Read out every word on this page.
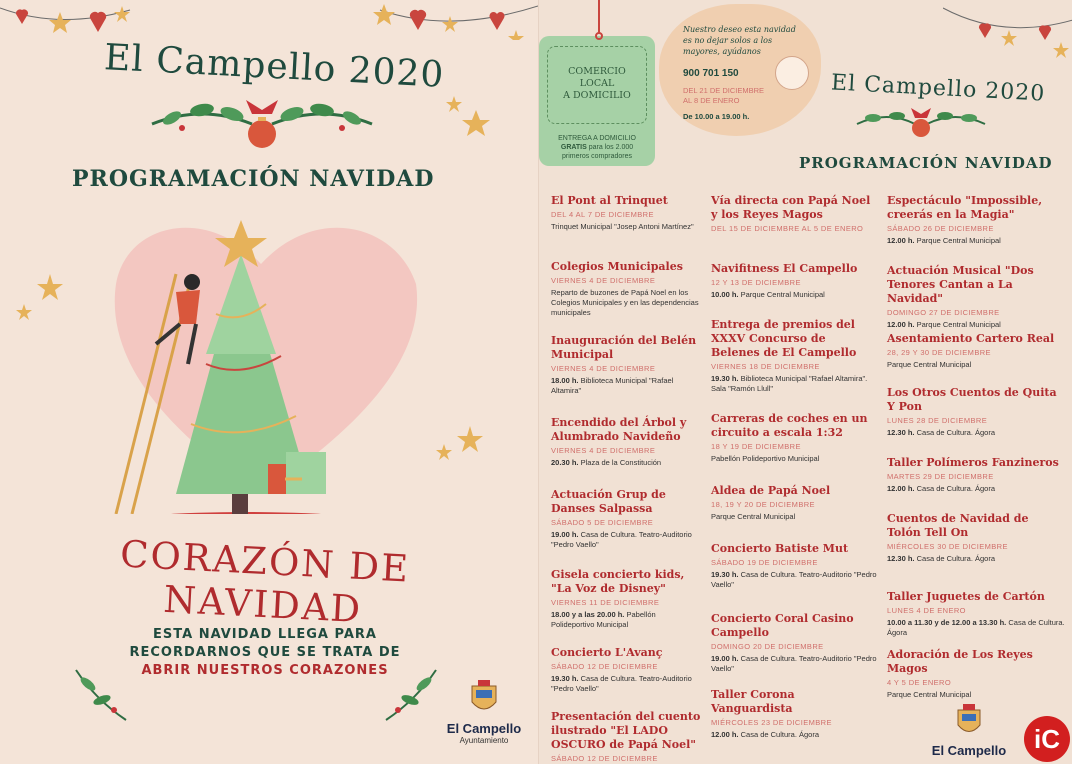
El Campello 2020
PROGRAMACIÓN NAVIDAD
CORAZÓN DE NAVIDAD
ESTA NAVIDAD LLEGA PARA
RECORDARNOS QUE SE TRATA DE
ABRIR NUESTROS CORAZONES
El Campello
Ayuntamiento
COMERCIO
LOCAL
A DOMICILIO
ENTREGA A DOMICILIO
GRATIS para los 2.000
primeros compradores
Nuestro deseo esta navidad es no dejar solos a los mayores, ayúdanos
900 701 150
DEL 21 DE DICIEMBRE
AL 8 DE ENERO
De 10.00 a 19.00 h.
El Campello 2020
PROGRAMACIÓN NAVIDAD
El Pont al Trinquet
DEL 4 AL 7 DE DICIEMBRE
Trinquet Municipal "Josep Antoni Martínez"
Colegios Municipales
VIERNES 4 DE DICIEMBRE
Reparto de buzones de Papá Noel en los Colegios Municipales y en las dependencias municipales
Inauguración del Belén Municipal
VIERNES 4 DE DICIEMBRE
18.00 h. Biblioteca Municipal "Rafael Altamira"
Encendido del Árbol y Alumbrado Navideño
VIERNES 4 DE DICIEMBRE
20.30 h. Plaza de la Constitución
Actuación Grup de Danses Salpassa
SÁBADO 5 DE DICIEMBRE
19.00 h. Casa de Cultura. Teatro-Auditorio "Pedro Vaello"
Gisela concierto kids, "La Voz de Disney"
VIERNES 11 DE DICIEMBRE
18.00 y a las 20.00 h. Pabellón Polideportivo Municipal
Concierto L'Avanç
SÁBADO 12 DE DICIEMBRE
19.30 h. Casa de Cultura. Teatro-Auditorio "Pedro Vaello"
Presentación del cuento ilustrado "El LADO OSCURO de Papá Noel"
SÁBADO 12 DE DICIEMBRE
Vía directa con Papá Noel y los Reyes Magos
DEL 15 DE DICIEMBRE AL 5 DE ENERO
Navifitness El Campello
12 Y 13 DE DICIEMBRE
10.00 h. Parque Central Municipal
Entrega de premios del XXXV Concurso de Belenes de El Campello
VIERNES 18 DE DICIEMBRE
19.30 h. Biblioteca Municipal "Rafael Altamira". Sala "Ramón Llull"
Carreras de coches en un circuito a escala 1:32
18 Y 19 DE DICIEMBRE
Pabellón Polideportivo Municipal
Aldea de Papá Noel
18, 19 Y 20 DE DICIEMBRE
Parque Central Municipal
Concierto Batiste Mut
SÁBADO 19 DE DICIEMBRE
19.30 h. Casa de Cultura. Teatro-Auditorio "Pedro Vaello"
Concierto Coral Casino Campello
DOMINGO 20 DE DICIEMBRE
19.00 h. Casa de Cultura. Teatro-Auditorio "Pedro Vaello"
Taller Corona Vanguardista
MIÉRCOLES 23 DE DICIEMBRE
12.00 h. Casa de Cultura. Ágora
Espectáculo "Impossible, creerás en la Magia"
SÁBADO 26 DE DICIEMBRE
12.00 h. Parque Central Municipal
Actuación Musical "Dos Tenores Cantan a La Navidad"
DOMINGO 27 DE DICIEMBRE
12.00 h. Parque Central Municipal
Asentamiento Cartero Real
28, 29 Y 30 DE DICIEMBRE
Parque Central Municipal
Los Otros Cuentos de Quita Y Pon
LUNES 28 DE DICIEMBRE
12.30 h. Casa de Cultura. Ágora
Taller Polímeros Fanzineros
MARTES 29 DE DICIEMBRE
12.00 h. Casa de Cultura. Ágora
Cuentos de Navidad de Tolón Tell On
MIÉRCOLES 30 DE DICIEMBRE
12.30 h. Casa de Cultura. Ágora
Taller Juguetes de Cartón
LUNES 4 DE ENERO
10.00 a 11.30 y de 12.00 a 13.30 h. Casa de Cultura. Ágora
Adoración de Los Reyes Magos
4 Y 5 DE ENERO
Parque Central Municipal
El Campello	iC
